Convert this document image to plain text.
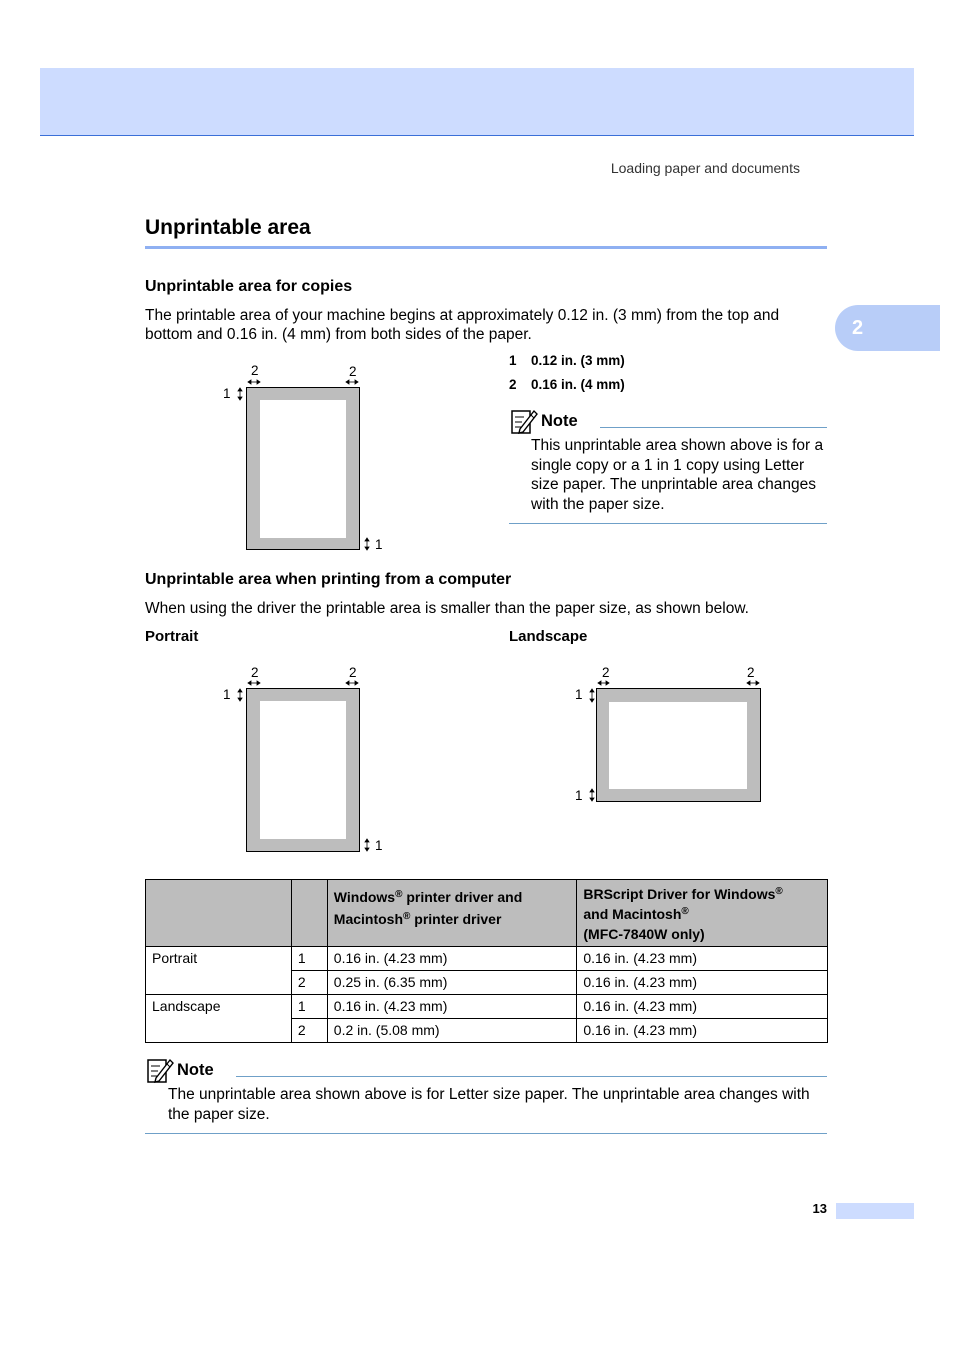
Loading paper and documents
2
Unprintable area
Unprintable area for copies
The printable area of your machine begins at approximately 0.12 in. (3 mm) from the top and bottom and 0.16 in. (4 mm) from both sides of the paper.
2	2
1
1
1 0.12 in. (3 mm)
2 0.16 in. (4 mm)
Note
This unprintable area shown above is for a single copy or a 1 in 1 copy using Letter size paper. The unprintable area changes with the paper size.
Unprintable area when printing from a computer
When using the driver the printable area is smaller than the paper size, as shown below.
Portrait	Landscape
2	2
1
1
2	2
1
1
		Windows® printer driver and
Macintosh® printer driver	BRScript Driver for Windows®
and Macintosh®
(MFC-7840W only)
Portrait	1	0.16 in. (4.23 mm)	0.16 in. (4.23 mm)
	2	0.25 in. (6.35 mm)	0.16 in. (4.23 mm)
Landscape	1	0.16 in. (4.23 mm)	0.16 in. (4.23 mm)
	2	0.2 in. (5.08 mm)	0.16 in. (4.23 mm)
Note
The unprintable area shown above is for Letter size paper. The unprintable area changes with the paper size.
13
